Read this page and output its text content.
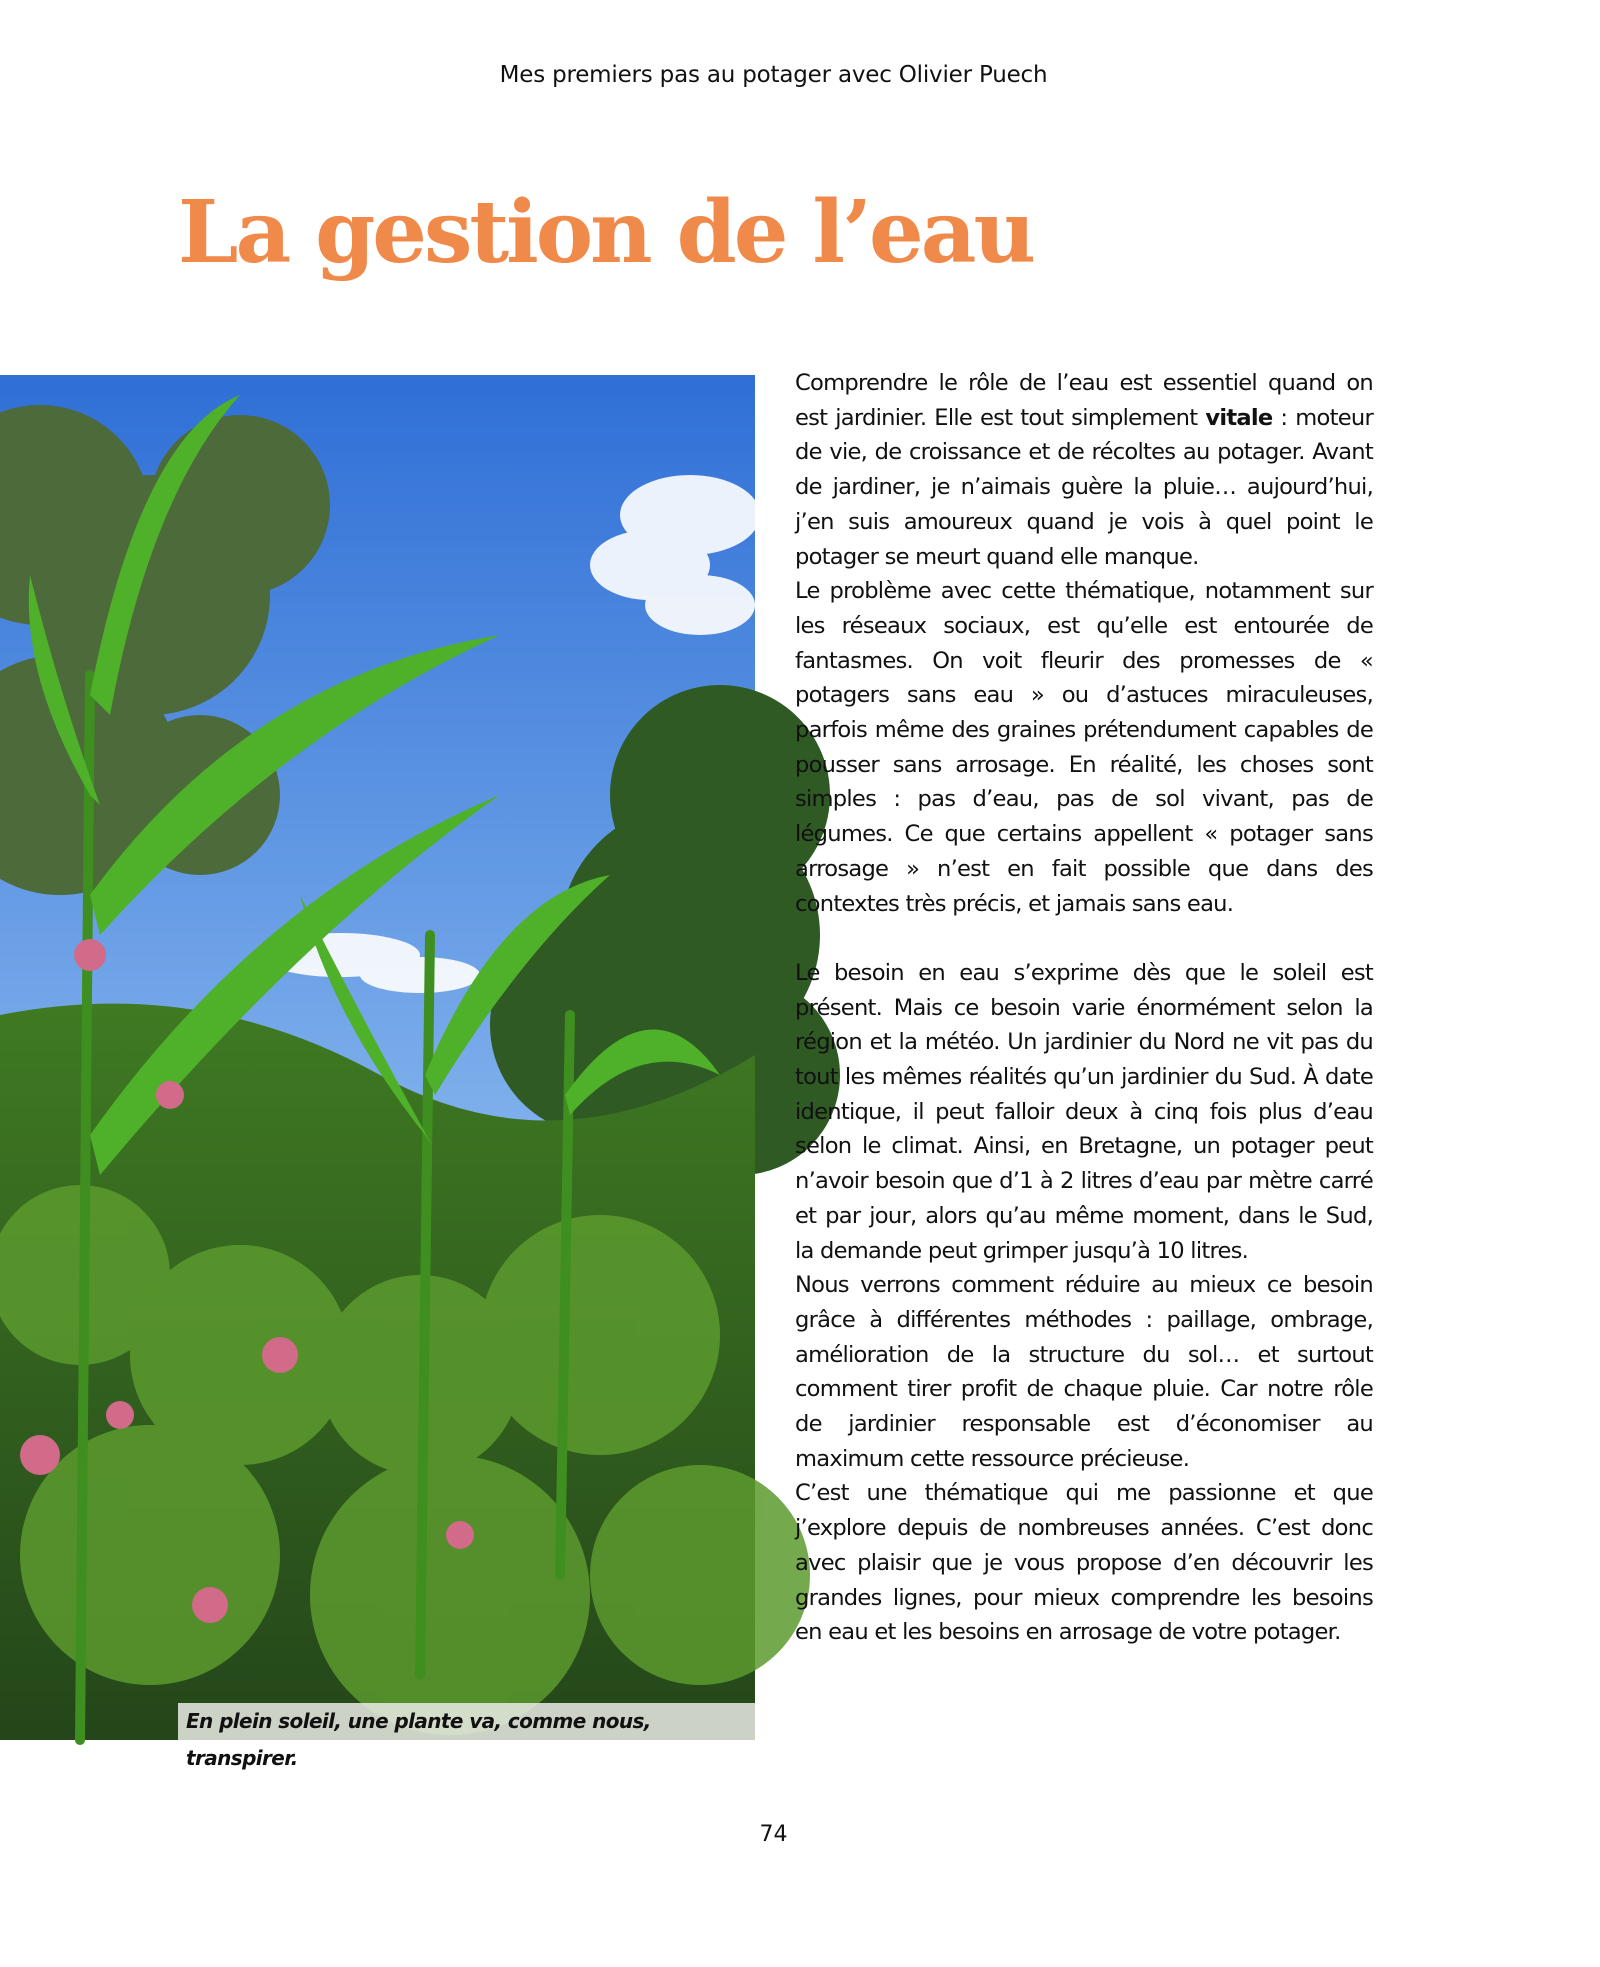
Mes premiers pas au potager avec Olivier Puech
La gestion de l’eau
En plein soleil, une plante va, comme nous, transpirer.

Comprendre le rôle de l’eau est essentiel quand on est jardinier. Elle est tout simplement vitale : moteur de vie, de croissance et de récoltes au potager. Avant de jardiner, je n’aimais guère la pluie… aujourd’hui, j’en suis amoureux quand je vois à quel point le potager se meurt quand elle manque.

Le problème avec cette thématique, notamment sur les réseaux sociaux, est qu’elle est entourée de fantasmes. On voit fleurir des promesses de « potagers sans eau » ou d’astuces miraculeuses, parfois même des graines prétendument capables de pousser sans arrosage. En réalité, les choses sont simples : pas d’eau, pas de sol vivant, pas de légumes. Ce que certains appellent « potager sans arrosage » n’est en fait possible que dans des contextes très précis, et jamais sans eau.

Le besoin en eau s’exprime dès que le soleil est présent. Mais ce besoin varie énormément selon la région et la météo. Un jardinier du Nord ne vit pas du tout les mêmes réalités qu’un jardinier du Sud. À date identique, il peut falloir deux à cinq fois plus d’eau selon le climat. Ainsi, en Bretagne, un potager peut n’avoir besoin que d’1 à 2 litres d’eau par mètre carré et par jour, alors qu’au même moment, dans le Sud, la demande peut grimper jusqu’à 10 litres.

Nous verrons comment réduire au mieux ce besoin grâce à différentes méthodes : paillage, ombrage, amélioration de la structure du sol… et surtout comment tirer profit de chaque pluie. Car notre rôle de jardinier responsable est d’économiser au maximum cette ressource précieuse.

C’est une thématique qui me passionne et que j’explore depuis de nombreuses années. C’est donc avec plaisir que je vous propose d’en découvrir les grandes lignes, pour mieux comprendre les besoins en eau et les besoins en arrosage de votre potager.

74
